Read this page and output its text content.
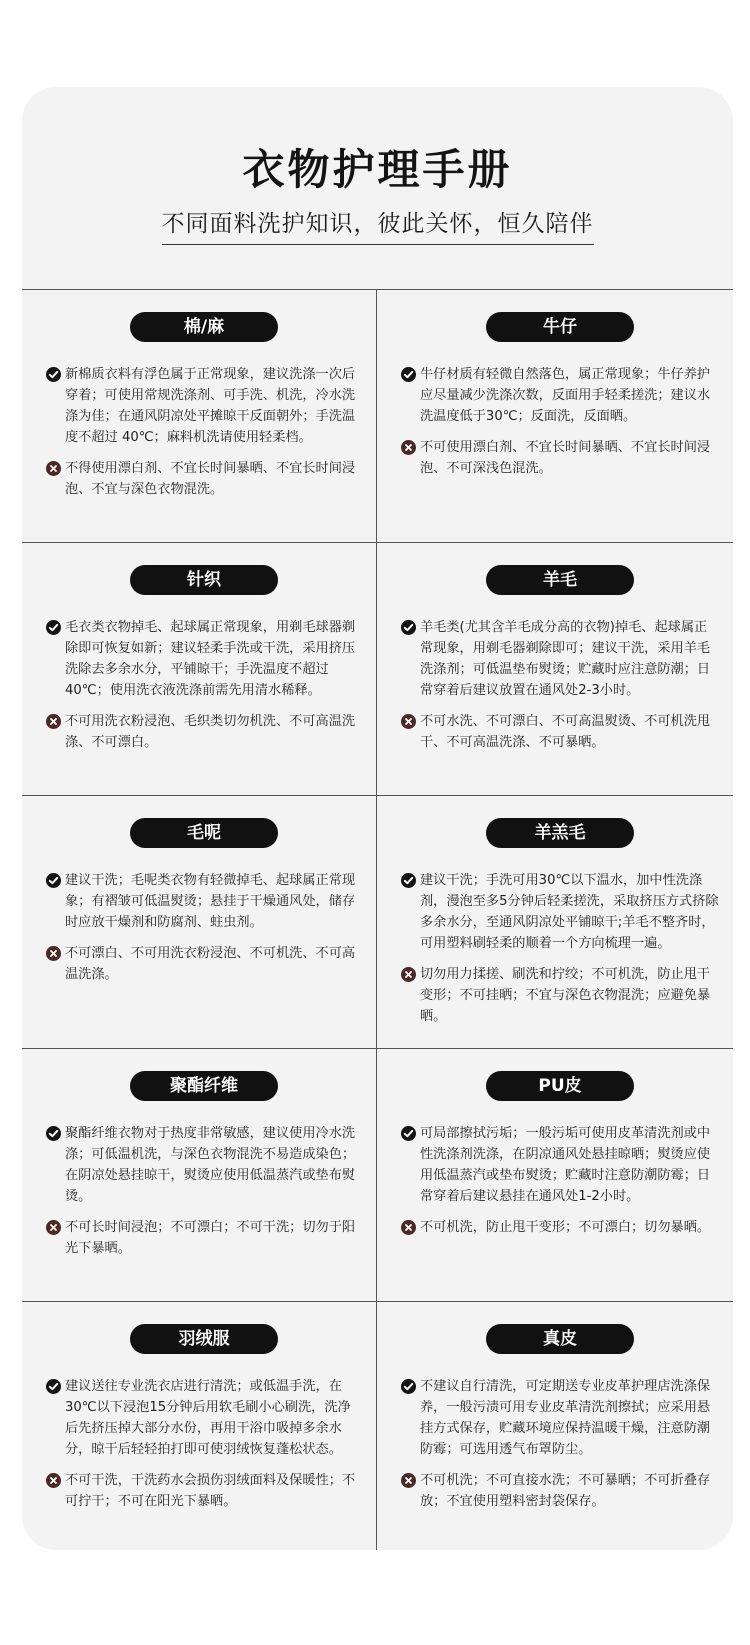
衣物护理手册
不同面料洗护知识，彼此关怀，恒久陪伴
棉/麻
新棉质衣料有浮色属于正常现象，建议洗涤一次后穿着；可使用常规洗涤剂、可手洗、机洗，冷水洗涤为佳；在通风阴凉处平摊晾干反面朝外；手洗温度不超过 40℃；麻料机洗请使用轻柔档。
不得使用漂白剂、不宜长时间暴晒、不宜长时间浸泡、不宜与深色衣物混洗。
牛仔
牛仔材质有轻微自然落色，属正常现象；牛仔养护应尽量减少洗涤次数，反面用手轻柔搓洗；建议水洗温度低于30℃；反面洗，反面晒。
不可使用漂白剂、不宜长时间暴晒、不宜长时间浸泡、不可深浅色混洗。
针织
毛衣类衣物掉毛、起球属正常现象，用剃毛球器剃除即可恢复如新；建议轻柔手洗或干洗，采用挤压洗除去多余水分，平铺晾干；手洗温度不超过40℃；使用洗衣液洗涤前需先用清水稀释。
不可用洗衣粉浸泡、毛织类切勿机洗、不可高温洗涤、不可漂白。
羊毛
羊毛类(尤其含羊毛成分高的衣物)掉毛、起球属正常现象，用剃毛器剃除即可；建议干洗，采用羊毛洗涤剂；可低温垫布熨烫；贮藏时应注意防潮；日常穿着后建议放置在通风处2-3小时。
不可水洗、不可漂白、不可高温熨烫、不可机洗甩干、不可高温洗涤、不可暴晒。
毛呢
建议干洗；毛呢类衣物有轻微掉毛、起球属正常现象；有褶皱可低温熨烫；悬挂于干燥通风处，储存时应放干燥剂和防腐剂、蛀虫剂。
不可漂白、不可用洗衣粉浸泡、不可机洗、不可高温洗涤。
羊羔毛
建议干洗；手洗可用30℃以下温水，加中性洗涤剂，漫泡至多5分钟后轻柔搓洗，采取挤压方式挤除多余水分，至通风阴凉处平铺晾干;羊毛不整齐时，可用塑料刷轻柔的顺着一个方向梳理一遍。
切勿用力揉搓、刷洗和拧绞；不可机洗，防止甩干变形；不可挂晒；不宜与深色衣物混洗；应避免暴晒。
聚酯纤维
聚酯纤维衣物对于热度非常敏感，建议使用冷水洗涤；可低温机洗，与深色衣物混洗不易造成染色；在阴凉处悬挂晾干，熨烫应使用低温蒸汽或垫布熨烫。
不可长时间浸泡；不可漂白；不可干洗；切勿于阳光下暴晒。
PU皮
可局部擦拭污垢；一般污垢可使用皮革清洗剂或中性洗涤剂洗涤，在阴凉通风处悬挂晾晒；熨烫应使用低温蒸汽或垫布熨烫；贮藏时注意防潮防霉；日常穿着后建议悬挂在通风处1-2小时。
不可机洗，防止甩干变形；不可漂白；切勿暴晒。
羽绒服
建议送往专业洗衣店进行清洗；或低温手洗，在30℃以下浸泡15分钟后用软毛刷小心刷洗，洗净后先挤压掉大部分水份，再用干浴巾吸掉多余水分，晾干后轻轻拍打即可使羽绒恢复蓬松状态。
不可干洗，干洗药水会损伤羽绒面料及保暖性；不可拧干；不可在阳光下暴晒。
真皮
不建议自行清洗，可定期送专业皮革护理店洗涤保养，一般污渍可用专业皮革清洗剂擦拭；应采用悬挂方式保存，贮藏环境应保持温暖干燥，注意防潮防霉；可选用透气布罩防尘。
不可机洗；不可直接水洗；不可暴晒；不可折叠存放；不宜使用塑料密封袋保存。
